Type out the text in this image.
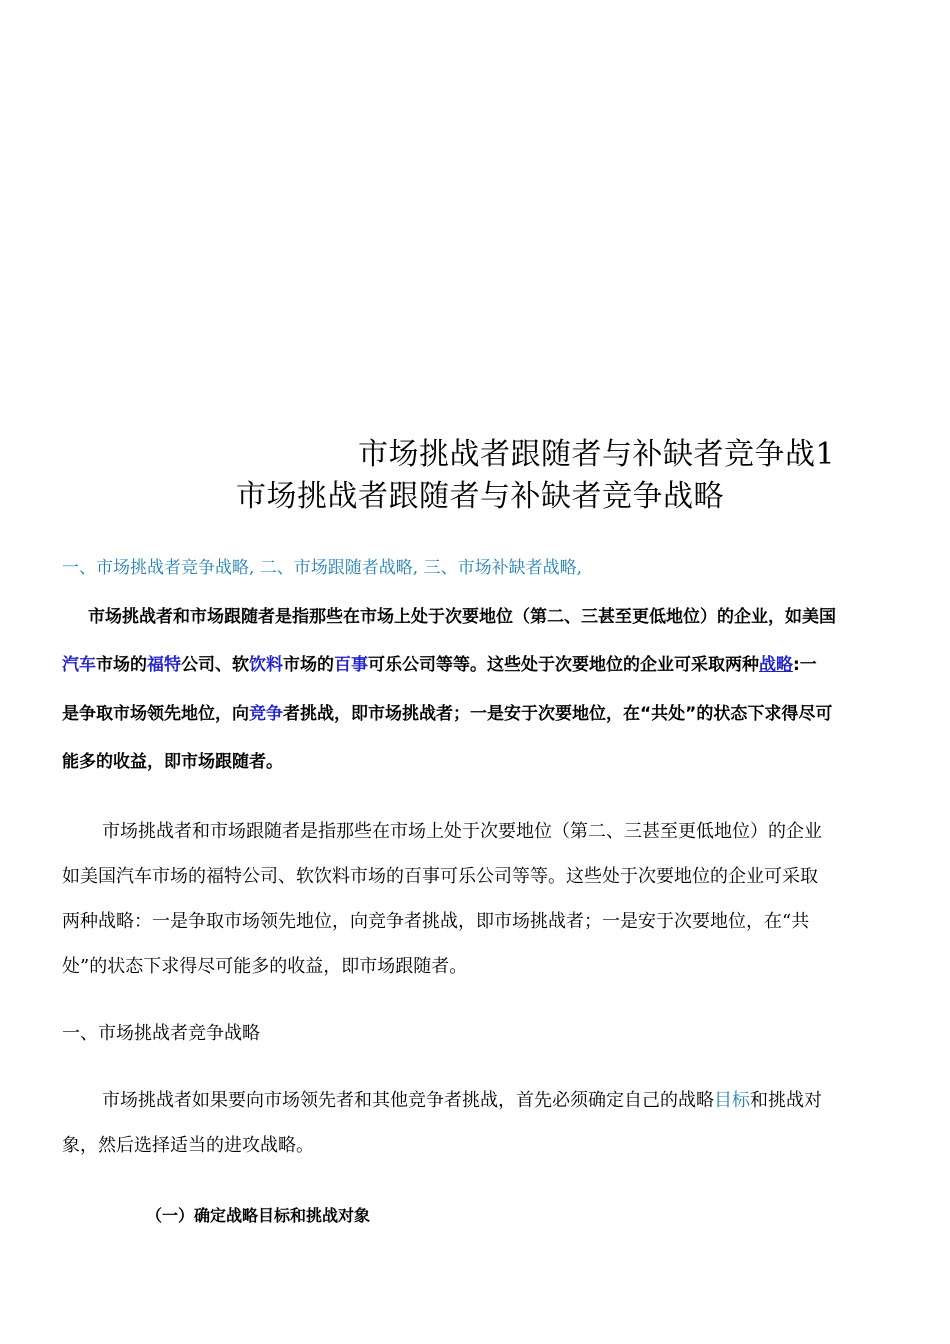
市场挑战者跟随者与补缺者竞争战1
市场挑战者跟随者与补缺者竞争战略
一、市场挑战者竞争战略, 二、市场跟随者战略, 三、市场补缺者战略,
市场挑战者和市场跟随者是指那些在市场上处于次要地位（第二、三甚至更低地位）的企业，如美国
汽车市场的福特公司、软饮料市场的百事可乐公司等等。这些处于次要地位的企业可采取两种战略:一
是争取市场领先地位，向竞争者挑战，即市场挑战者；一是安于次要地位，在“共处”的状态下求得尽可
能多的收益，即市场跟随者。
市场挑战者和市场跟随者是指那些在市场上处于次要地位（第二、三甚至更低地位）的企业
如美国汽车市场的福特公司、软饮料市场的百事可乐公司等等。这些处于次要地位的企业可采取
两种战略：一是争取市场领先地位，向竞争者挑战，即市场挑战者；一是安于次要地位，在“共
处”的状态下求得尽可能多的收益，即市场跟随者。
一、市场挑战者竞争战略
市场挑战者如果要向市场领先者和其他竞争者挑战，首先必须确定自己的战略目标和挑战对
象，然后选择适当的进攻战略。
（一）确定战略目标和挑战对象
